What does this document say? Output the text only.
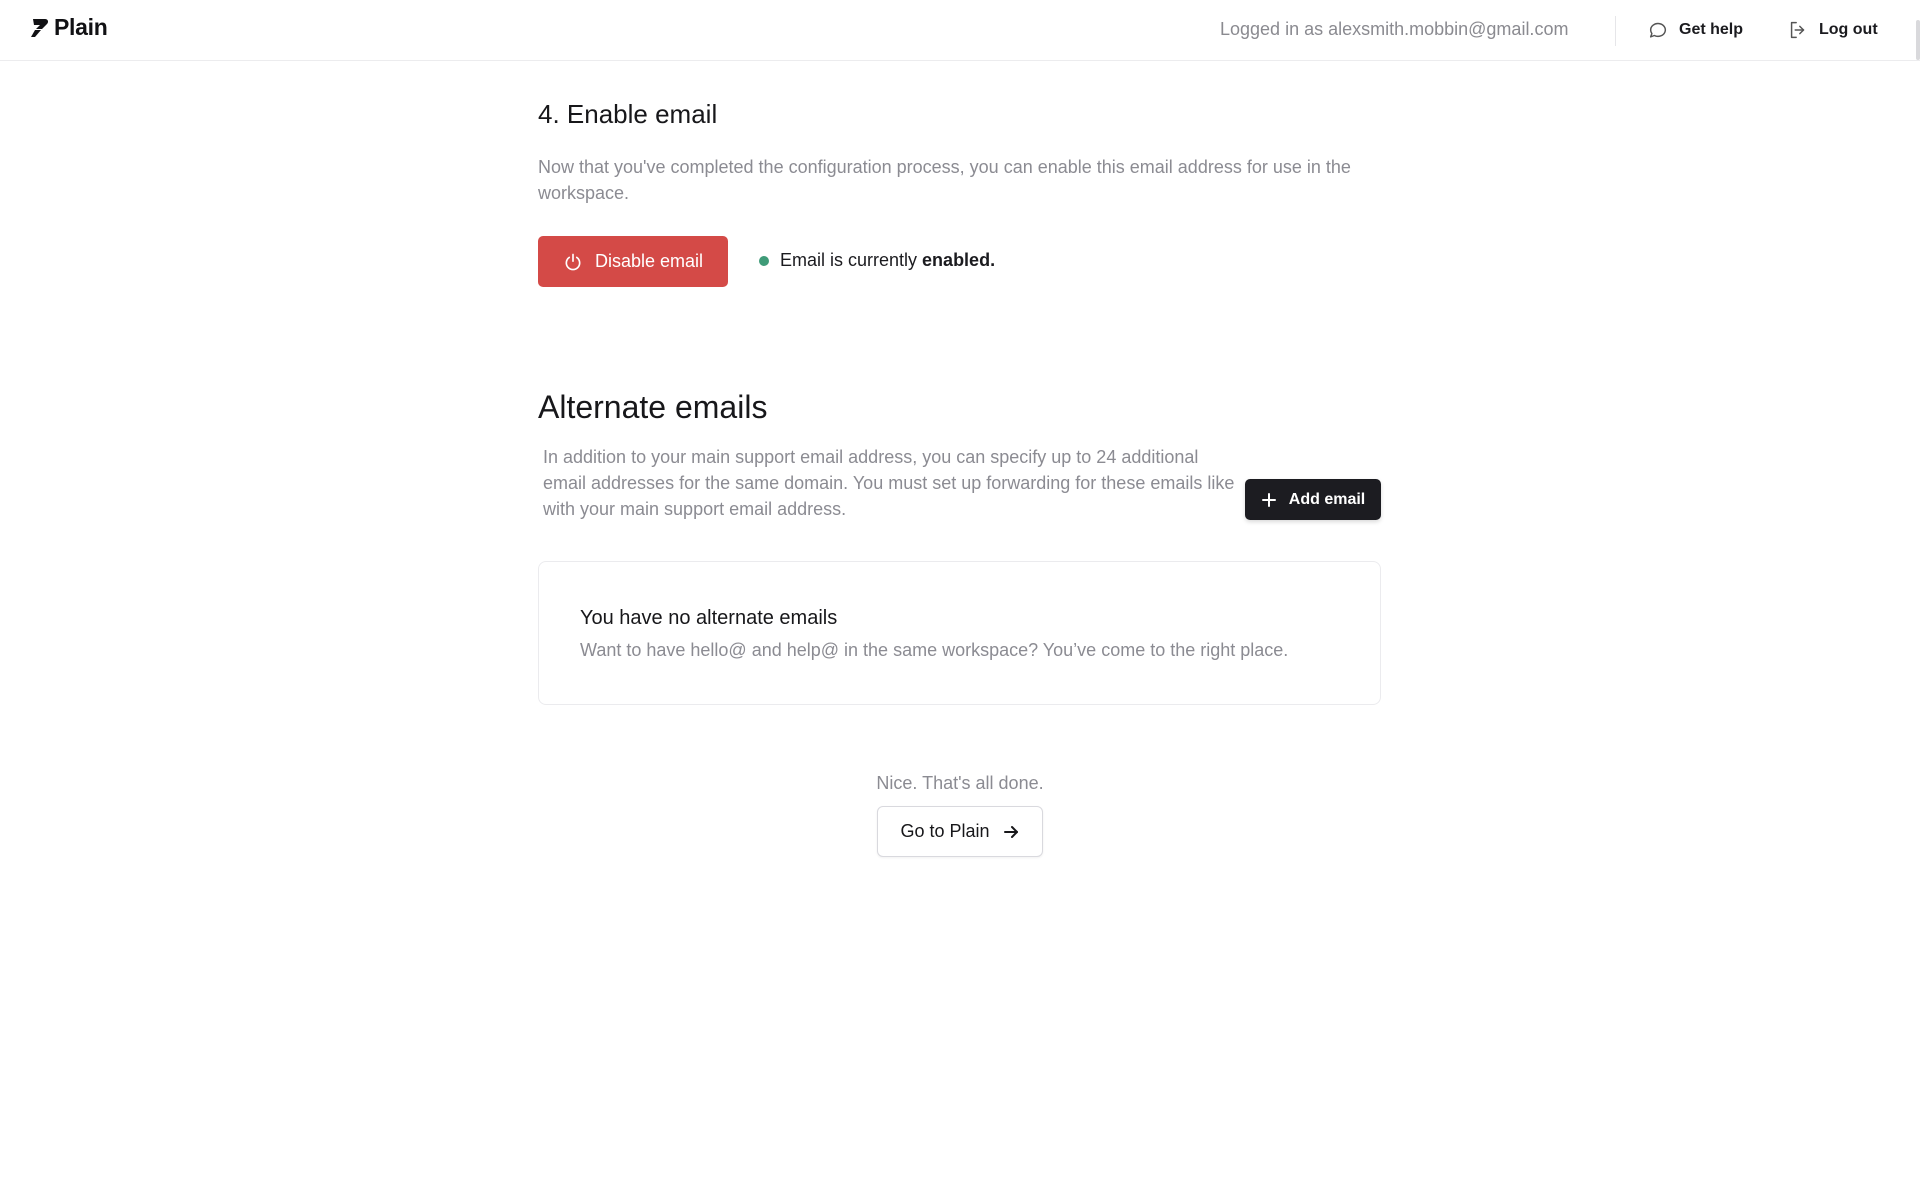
Plain	Logged in as alexsmith.mobbin@gmail.com	Get help	Log out
4. Enable email

Now that you've completed the configuration process, you can enable this email address for use in the workspace.

Disable email	Email is currently enabled.
Alternate emails

In addition to your main support email address, you can specify up to 24 additional email addresses for the same domain. You must set up forwarding for these emails like with your main support email address.	Add email
You have no alternate emails
Want to have hello@ and help@ in the same workspace? You’ve come to the right place.
Nice. That's all done.
Go to Plain
